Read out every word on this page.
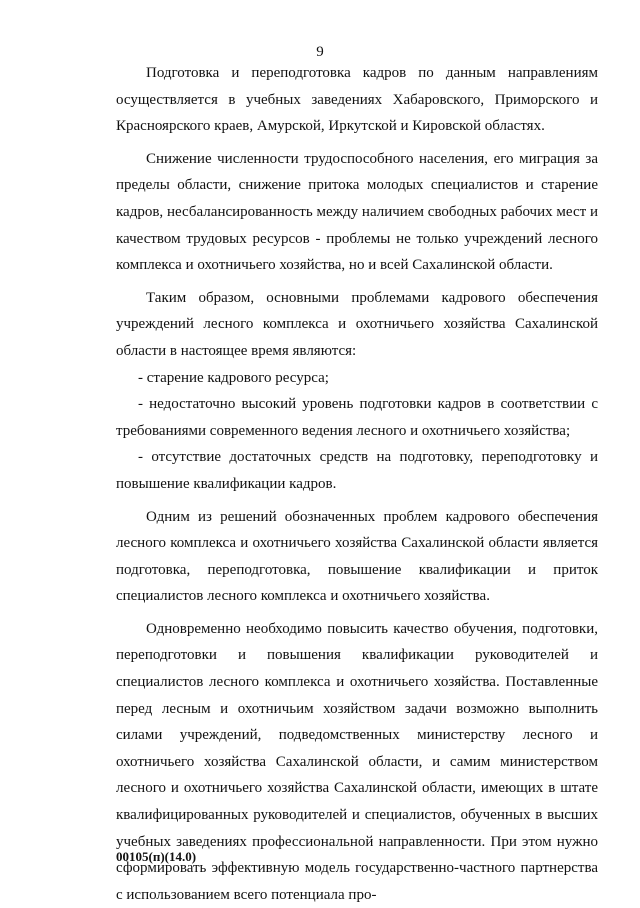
9

Подготовка и переподготовка кадров по данным направлениям осуществляется в учебных заведениях Хабаровского, Приморского и Красноярского краев, Амурской, Иркутской и Кировской областях.

Снижение численности трудоспособного населения, его миграция за пределы области, снижение притока молодых специалистов и старение кадров, несбалансированность между наличием свободных рабочих мест и качеством трудовых ресурсов - проблемы не только учреждений лесного комплекса и охотничьего хозяйства, но и всей Сахалинской области.

Таким образом, основными проблемами кадрового обеспечения учреждений лесного комплекса и охотничьего хозяйства Сахалинской области в настоящее время являются:

- старение кадрового ресурса;

- недостаточно высокий уровень подготовки кадров в соответствии с требованиями современного ведения лесного и охотничьего хозяйства;

- отсутствие достаточных средств на подготовку, переподготовку и повышение квалификации кадров.

Одним из решений обозначенных проблем кадрового обеспечения лесного комплекса и охотничьего хозяйства Сахалинской области является подготовка, переподготовка, повышение квалификации и приток специалистов лесного комплекса и охотничьего хозяйства.

Одновременно необходимо повысить качество обучения, подготовки, переподготовки и повышения квалификации руководителей и специалистов лесного комплекса и охотничьего хозяйства. Поставленные перед лесным и охотничьим хозяйством задачи возможно выполнить силами учреждений, подведомственных министерству лесного и охотничьего хозяйства Сахалинской области, и самим министерством лесного и охотничьего хозяйства Сахалинской области, имеющих в штате квалифицированных руководителей и специалистов, обученных в высших учебных заведениях профессиональной направленности. При этом нужно сформировать эффективную модель государственно-частного партнерства с использованием всего потенциала про-

00105(п)(14.0)
